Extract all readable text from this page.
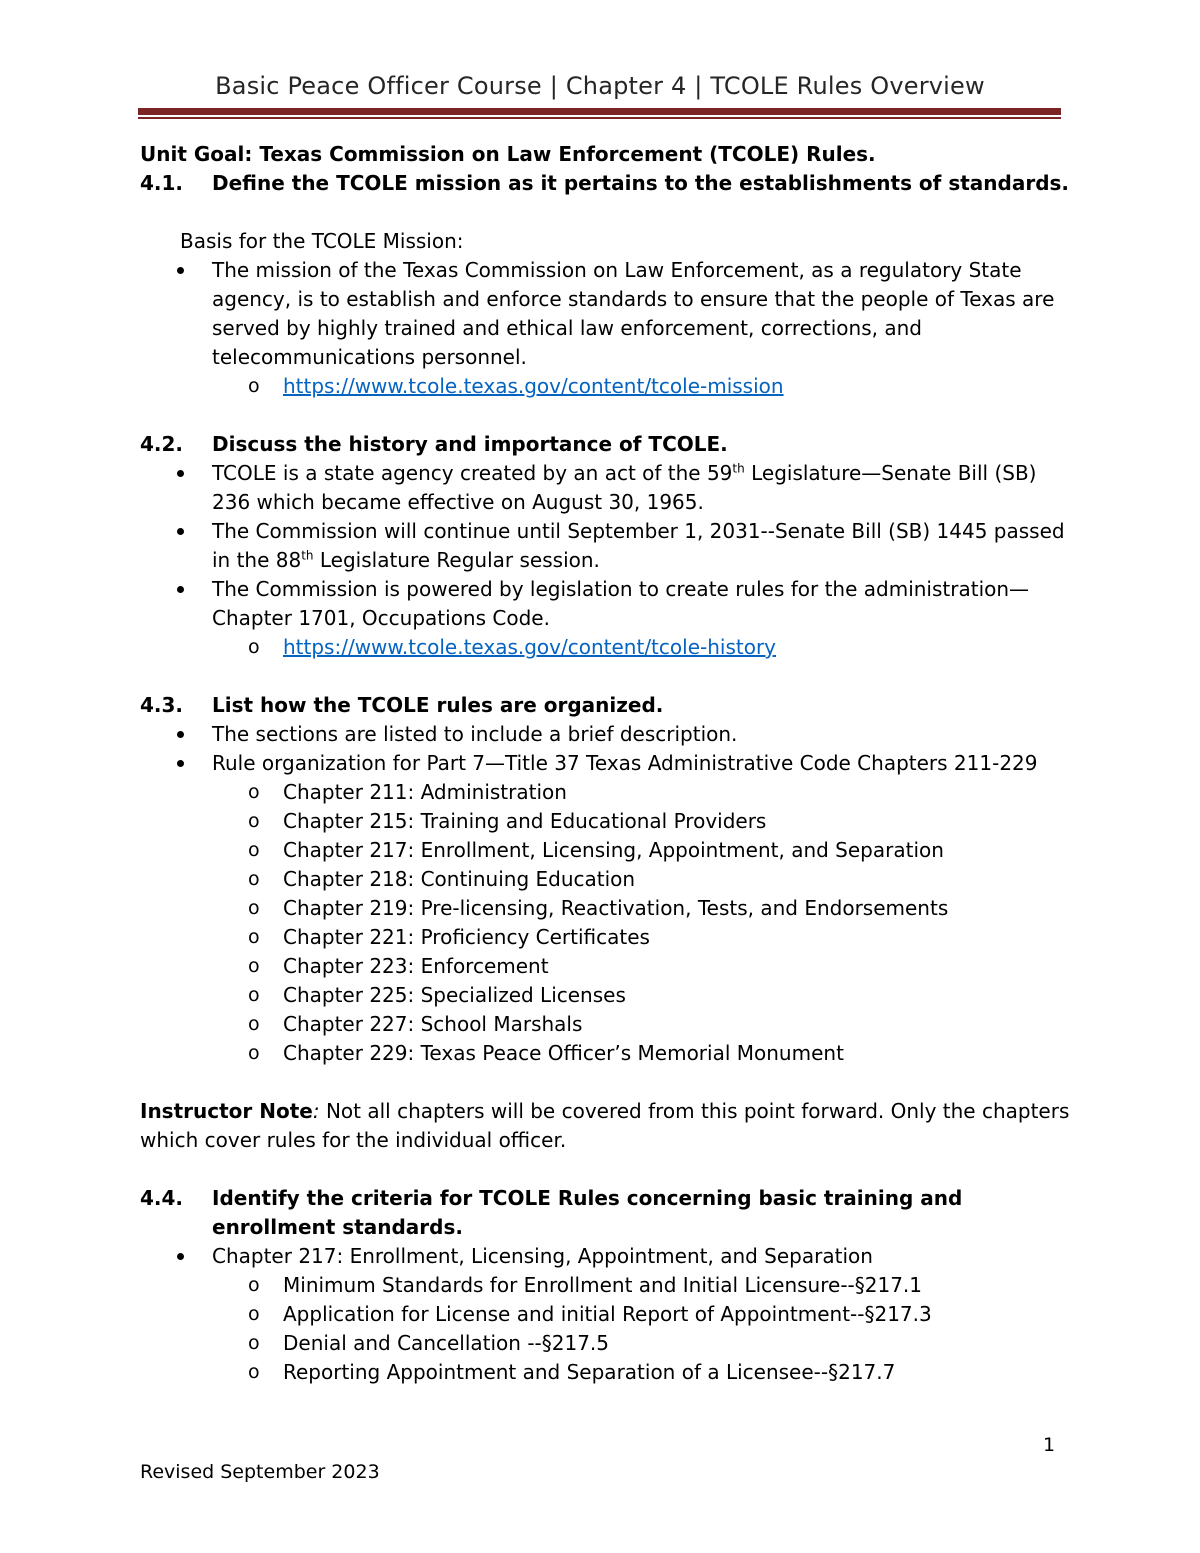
Basic Peace Officer Course | Chapter 4 | TCOLE Rules Overview
Unit Goal: Texas Commission on Law Enforcement (TCOLE) Rules.
4.1.	Define the TCOLE mission as it pertains to the establishments of standards.
Basis for the TCOLE Mission:
The mission of the Texas Commission on Law Enforcement, as a regulatory State agency, is to establish and enforce standards to ensure that the people of Texas are served by highly trained and ethical law enforcement, corrections, and telecommunications personnel.
o https://www.tcole.texas.gov/content/tcole-mission
4.2.	Discuss the history and importance of TCOLE.
TCOLE is a state agency created by an act of the 59th Legislature—Senate Bill (SB) 236 which became effective on August 30, 1965.
The Commission will continue until September 1, 2031--Senate Bill (SB) 1445 passed in the 88th Legislature Regular session.
The Commission is powered by legislation to create rules for the administration—Chapter 1701, Occupations Code.
o https://www.tcole.texas.gov/content/tcole-history
4.3.	List how the TCOLE rules are organized.
The sections are listed to include a brief description.
Rule organization for Part 7—Title 37 Texas Administrative Code Chapters 211-229
o Chapter 211: Administration
o Chapter 215: Training and Educational Providers
o Chapter 217: Enrollment, Licensing, Appointment, and Separation
o Chapter 218: Continuing Education
o Chapter 219: Pre-licensing, Reactivation, Tests, and Endorsements
o Chapter 221: Proficiency Certificates
o Chapter 223: Enforcement
o Chapter 225: Specialized Licenses
o Chapter 227: School Marshals
o Chapter 229: Texas Peace Officer’s Memorial Monument
Instructor Note: Not all chapters will be covered from this point forward. Only the chapters which cover rules for the individual officer.
4.4.	Identify the criteria for TCOLE Rules concerning basic training and enrollment standards.
Chapter 217: Enrollment, Licensing, Appointment, and Separation
o Minimum Standards for Enrollment and Initial Licensure--§217.1
o Application for License and initial Report of Appointment--§217.3
o Denial and Cancellation --§217.5
o Reporting Appointment and Separation of a Licensee--§217.7
1
Revised September 2023
